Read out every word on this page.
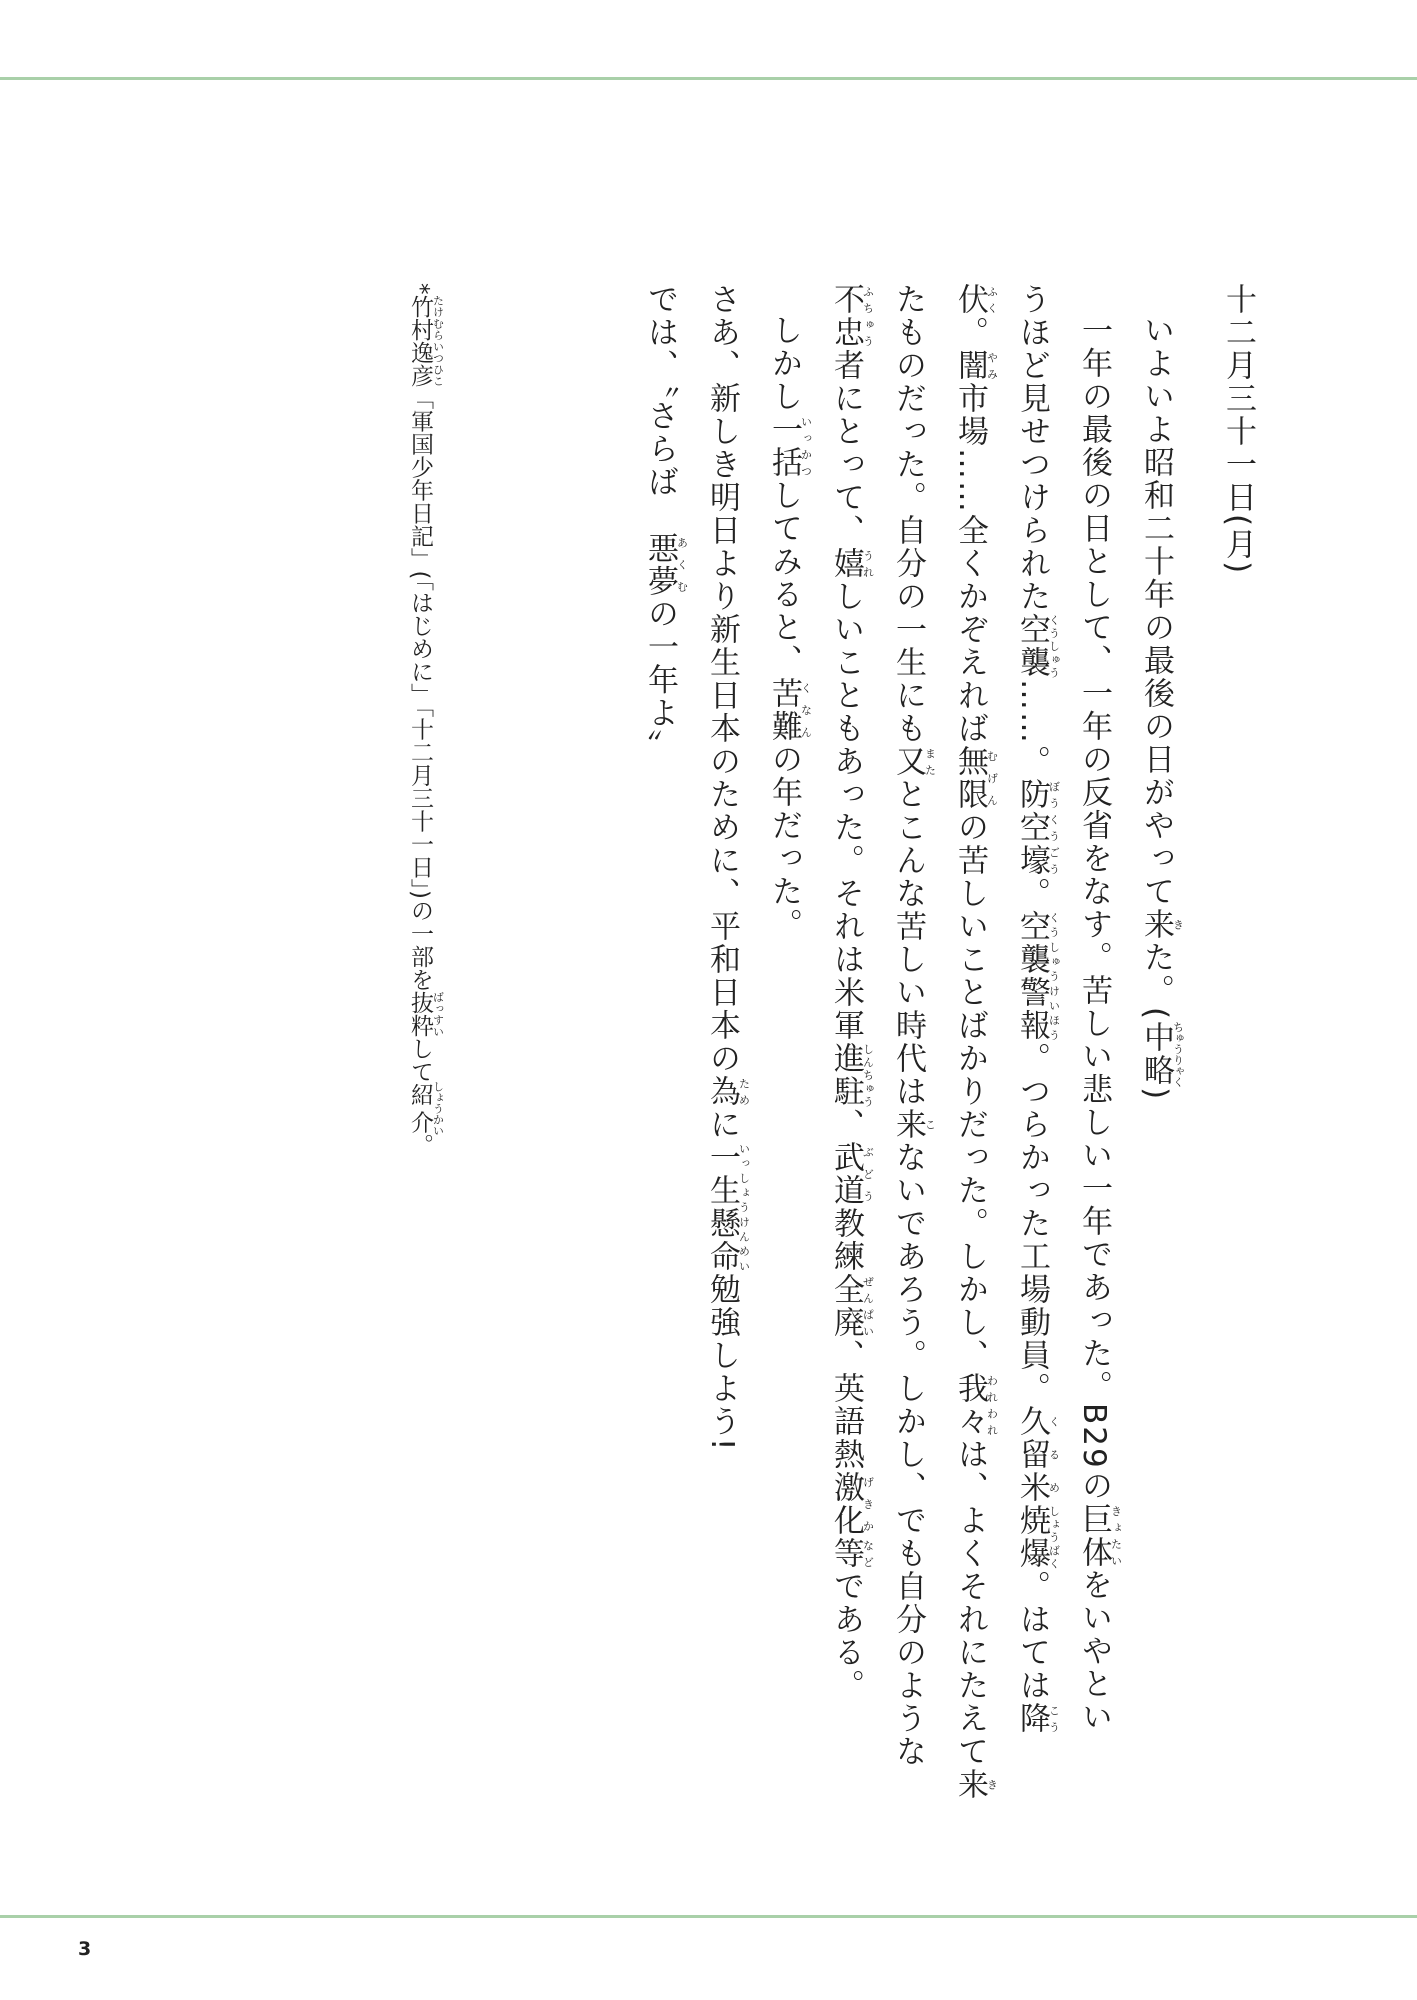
十二月三十一日(月)
いよいよ昭和二十年の最後の日がやって来きた。(中略ちゅうりゃく)
一年の最後の日として、一年の反省をなす。苦しい悲しい一年であった。B29の巨体きょたいをいやとい
うほど見せつけられた空襲くうしゅう……。防空壕ぼうくうごう。空襲警報くうしゅうけいほう。つらかった工場動員。久留米くるめ焼爆しょうばく。はては降こう
伏ふく。闇やみ市場……全くかぞえれば無限むげんの苦しいことばかりだった。しかし、我々われわれは、よくそれにたえて来き
たものだった。自分の一生にも又またとこんな苦しい時代は来こないであろう。しかし、でも自分のような
不忠ふちゅう者にとって、嬉うれしいこともあった。それは米軍進駐しんちゅう、武道ぶどう教練全廃ぜんぱい、英語熱激化げきか等などである。
しかし一括いっかつしてみると、苦難くなんの年だった。
さあ、新しき明日より新生日本のために、平和日本の為ために一生懸命いっしょうけんめい勉強しよう!
では、〝さらば　悪夢あくむの一年よ〟
*竹村逸彦たけむらいつひこ「軍国少年日記」(「はじめに」「十二月三十一日」)の一部を抜粋ばっすいして紹介しょうかい。
3
